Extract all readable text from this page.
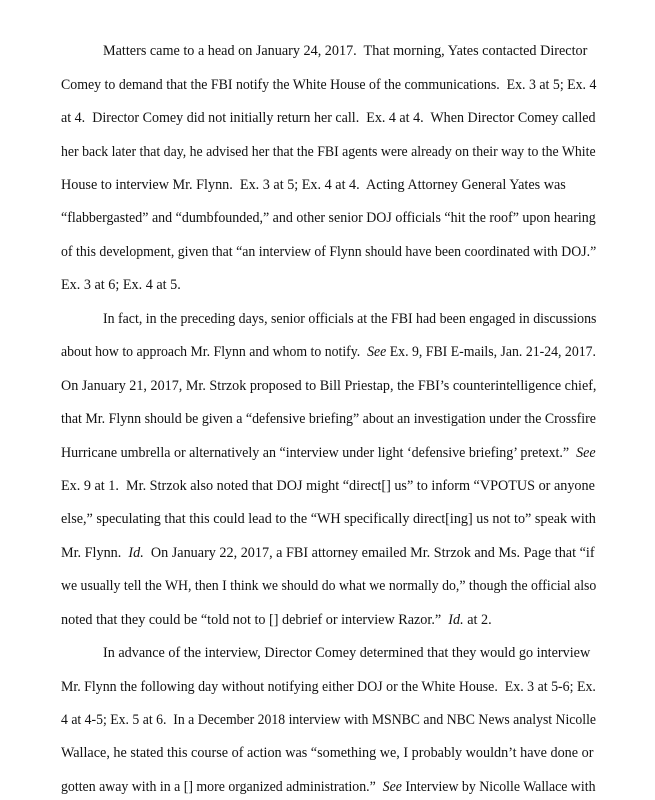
Matters came to a head on January 24, 2017.  That morning, Yates contacted Director

Comey to demand that the FBI notify the White House of the communications.  Ex. 3 at 5; Ex. 4

at 4.  Director Comey did not initially return her call.  Ex. 4 at 4.  When Director Comey called

her back later that day, he advised her that the FBI agents were already on their way to the White

House to interview Mr. Flynn.  Ex. 3 at 5; Ex. 4 at 4.  Acting Attorney General Yates was

“flabbergasted” and “dumbfounded,” and other senior DOJ officials “hit the roof” upon hearing

of this development, given that “an interview of Flynn should have been coordinated with DOJ.”

Ex. 3 at 6; Ex. 4 at 5.

In fact, in the preceding days, senior officials at the FBI had been engaged in discussions

about how to approach Mr. Flynn and whom to notify.  See Ex. 9, FBI E-mails, Jan. 21-24, 2017.

On January 21, 2017, Mr. Strzok proposed to Bill Priestap, the FBI’s counterintelligence chief,

that Mr. Flynn should be given a “defensive briefing” about an investigation under the Crossfire

Hurricane umbrella or alternatively an “interview under light ‘defensive briefing’ pretext.”  See

Ex. 9 at 1.  Mr. Strzok also noted that DOJ might “direct[] us” to inform “VPOTUS or anyone

else,” speculating that this could lead to the “WH specifically direct[ing] us not to” speak with

Mr. Flynn.  Id.  On January 22, 2017, a FBI attorney emailed Mr. Strzok and Ms. Page that “if

we usually tell the WH, then I think we should do what we normally do,” though the official also

noted that they could be “told not to [] debrief or interview Razor.”  Id. at 2.

In advance of the interview, Director Comey determined that they would go interview

Mr. Flynn the following day without notifying either DOJ or the White House.  Ex. 3 at 5-6; Ex.

4 at 4-5; Ex. 5 at 6.  In a December 2018 interview with MSNBC and NBC News analyst Nicolle

Wallace, he stated this course of action was “something we, I probably wouldn’t have done or

gotten away with in a [] more organized administration.”  See Interview by Nicolle Wallace with
